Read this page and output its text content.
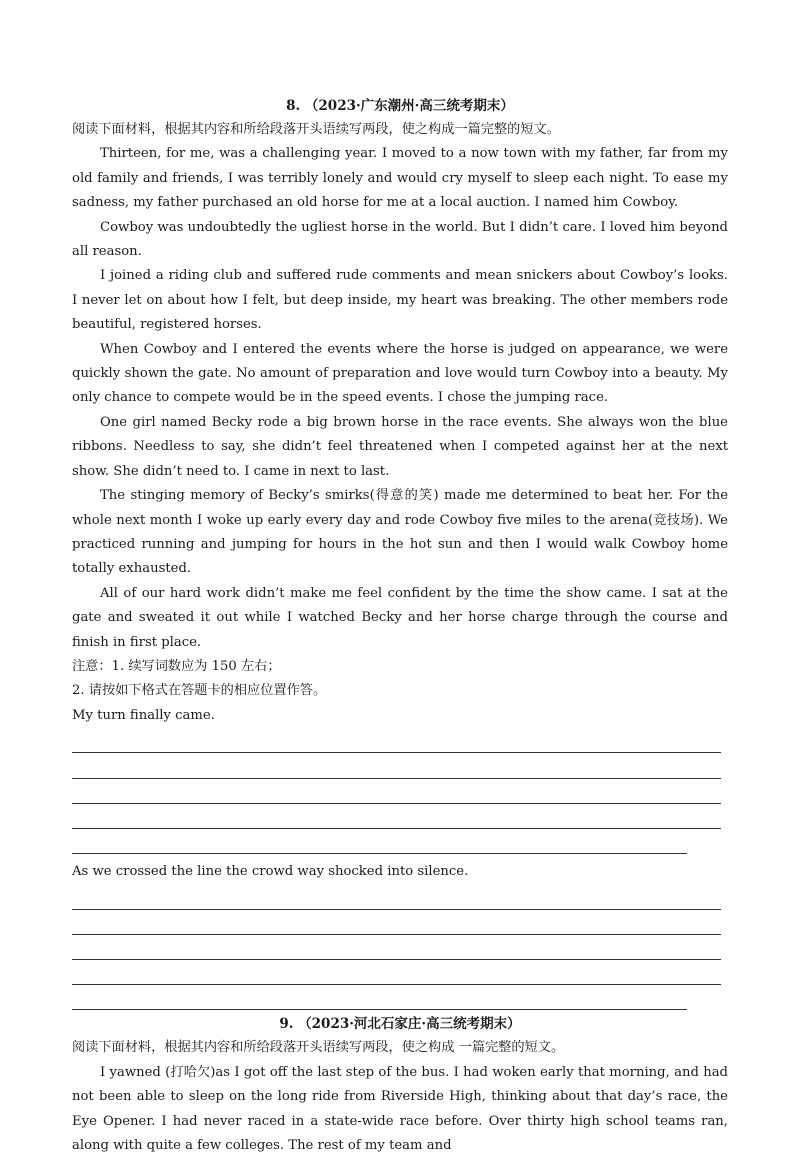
8. （2023·广东潮州·高三统考期末）

阅读下面材料，根据其内容和所给段落开头语续写两段，使之构成一篇完整的短文。

Thirteen, for me, was a challenging year. I moved to a now town with my father, far from my old family and friends, I was terribly lonely and would cry myself to sleep each night. To ease my sadness, my father purchased an old horse for me at a local auction. I named him Cowboy.

Cowboy was undoubtedly the ugliest horse in the world. But I didn’t care. I loved him beyond all reason.

I joined a riding club and suffered rude comments and mean snickers about Cowboy’s looks. I never let on about how I felt, but deep inside, my heart was breaking. The other members rode beautiful, registered horses.

When Cowboy and I entered the events where the horse is judged on appearance, we were quickly shown the gate. No amount of preparation and love would turn Cowboy into a beauty. My only chance to compete would be in the speed events. I chose the jumping race.

One girl named Becky rode a big brown horse in the race events. She always won the blue ribbons. Needless to say, she didn’t feel threatened when I competed against her at the next show. She didn’t need to. I came in next to last.

The stinging memory of Becky’s smirks(得意的笑) made me determined to beat her. For the whole next month I woke up early every day and rode Cowboy five miles to the arena(竞技场). We practiced running and jumping for hours in the hot sun and then I would walk Cowboy home totally exhausted.

All of our hard work didn’t make me feel confident by the time the show came. I sat at the gate and sweated it out while I watched Becky and her horse charge through the course and finish in first place.

注意：1. 续写词数应为 150 左右；

2. 请按如下格式在答题卡的相应位置作答。

My turn finally came.

As we crossed the line the crowd way shocked into silence.

9. （2023·河北石家庄·高三统考期末）

阅读下面材料，根据其内容和所给段落开头语续写两段，使之构成 一篇完整的短文。

I yawned (打哈欠)as I got off the last step of the bus. I had woken early that morning, and had not been able to sleep on the long ride from Riverside High, thinking about that day’s race, the Eye Opener. I had never raced in a state-wide race before. Over thirty high school teams ran, along with quite a few colleges. The rest of my team and
